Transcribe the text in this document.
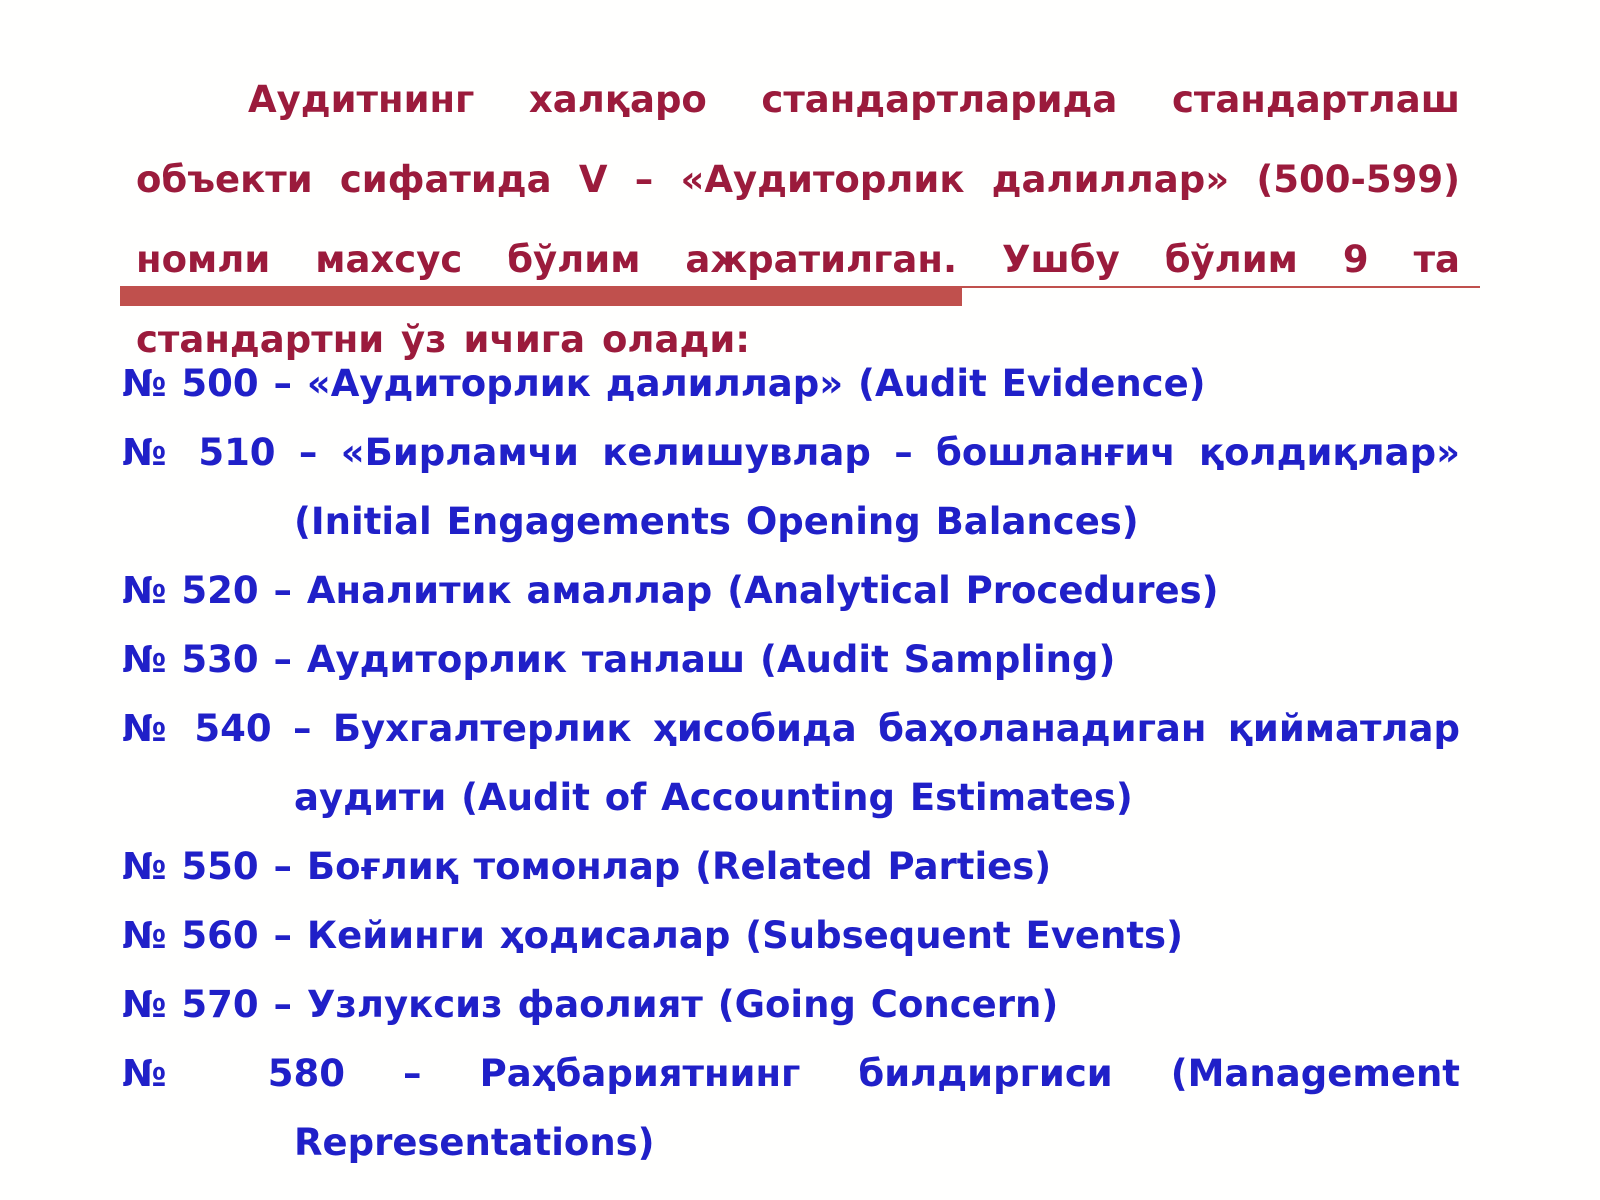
Аудитнинг халқаро стандартларида стандартлаш объекти сифатида V – «Аудиторлик далиллар» (500-599) номли махсус бўлим ажратилган. Ушбу бўлим 9 та стандартни ўз ичига олади:

№ 500 – «Аудиторлик далиллар» (Audit Evidence)
№ 510 – «Бирламчи келишувлар – бошланғич қолдиқлар» (Initial Engagements Opening Balances)
№ 520 – Аналитик амаллар (Analytical Procedures)
№ 530 – Аудиторлик танлаш (Audit Sampling)
№ 540 – Бухгалтерлик ҳисобида баҳоланадиган қийматлар аудити (Audit of Accounting Estimates)
№ 550 – Боғлиқ томонлар (Related Parties)
№ 560 – Кейинги ҳодисалар (Subsequent Events)
№ 570 – Узлуксиз фаолият (Going Concern)
№ 580 – Раҳбариятнинг билдиргиси (Management Representations)
